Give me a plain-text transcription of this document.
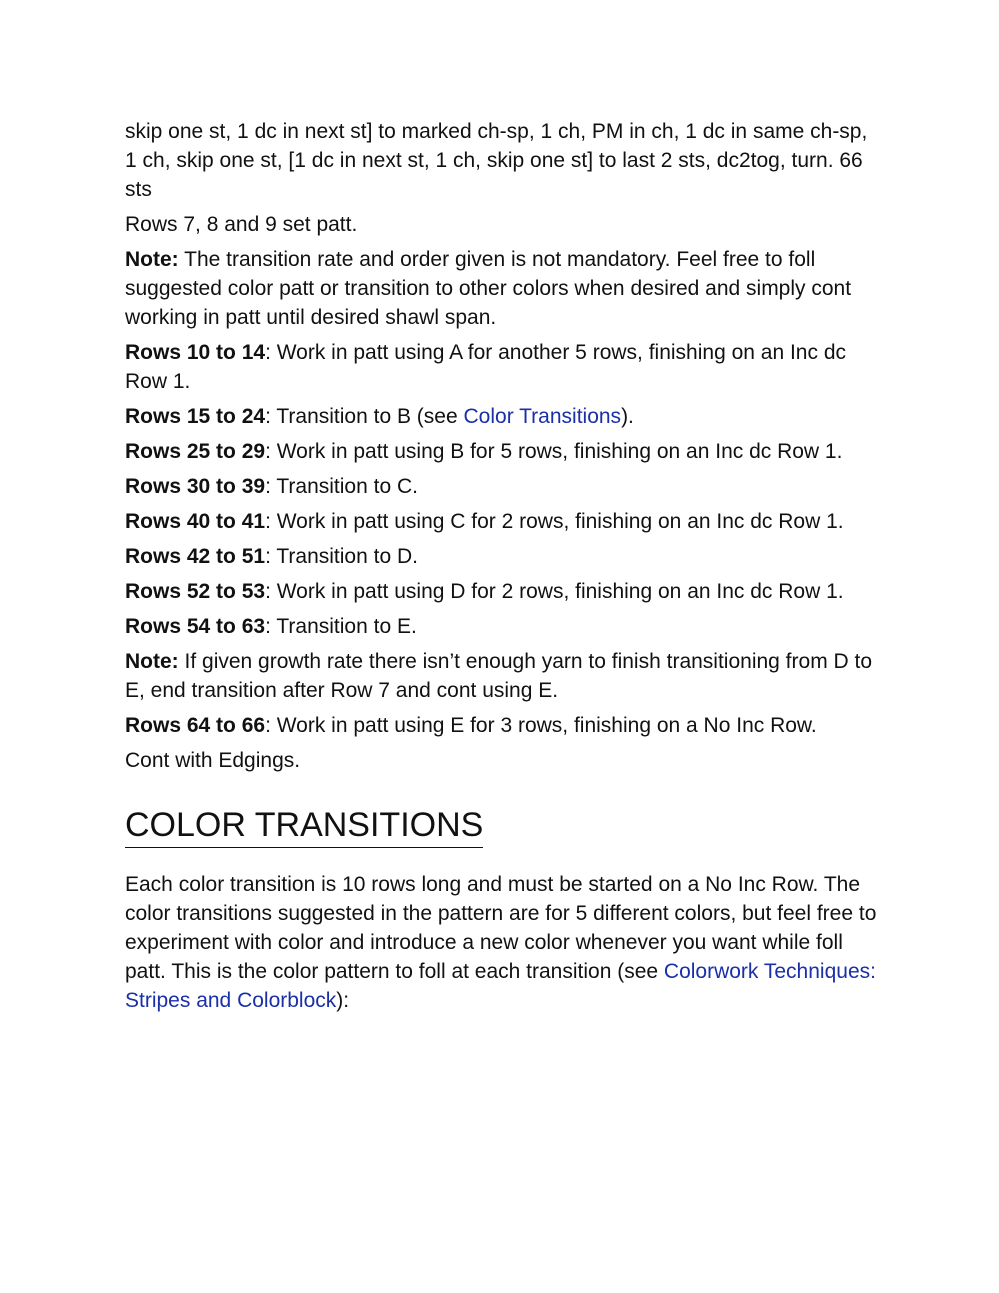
skip one st, 1 dc in next st] to marked ch-sp, 1 ch, PM in ch, 1 dc in same ch-sp, 1 ch, skip one st, [1 dc in next st, 1 ch, skip one st] to last 2 sts, dc2tog, turn. 66 sts

Rows 7, 8 and 9 set patt.

Note: The transition rate and order given is not mandatory. Feel free to foll suggested color patt or transition to other colors when desired and simply cont working in patt until desired shawl span.

Rows 10 to 14: Work in patt using A for another 5 rows, finishing on an Inc dc Row 1.

Rows 15 to 24: Transition to B (see Color Transitions).

Rows 25 to 29: Work in patt using B for 5 rows, finishing on an Inc dc Row 1.

Rows 30 to 39: Transition to C.

Rows 40 to 41: Work in patt using C for 2 rows, finishing on an Inc dc Row 1.

Rows 42 to 51: Transition to D.

Rows 52 to 53: Work in patt using D for 2 rows, finishing on an Inc dc Row 1.

Rows 54 to 63: Transition to E.

Note: If given growth rate there isn’t enough yarn to finish transitioning from D to E, end transition after Row 7 and cont using E.

Rows 64 to 66: Work in patt using E for 3 rows, finishing on a No Inc Row.

Cont with Edgings.

COLOR TRANSITIONS

Each color transition is 10 rows long and must be started on a No Inc Row. The color transitions suggested in the pattern are for 5 different colors, but feel free to experiment with color and introduce a new color whenever you want while foll patt. This is the color pattern to foll at each transition (see Colorwork Techniques: Stripes and Colorblock):
